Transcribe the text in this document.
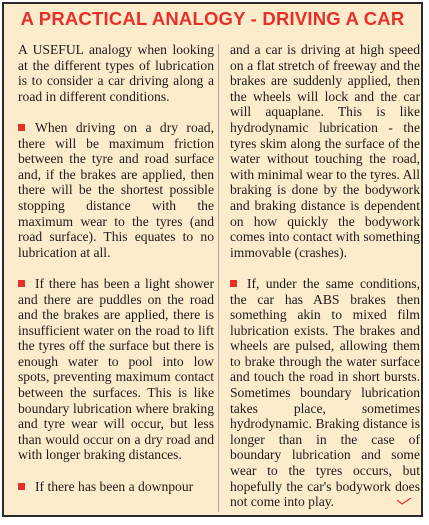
A PRACTICAL ANALOGY - DRIVING A CAR

A USEFUL analogy when looking at the different types of lubrication is to consider a car driving along a road in different conditions.

When driving on a dry road, there will be maximum friction between the tyre and road surface and, if the brakes are applied, then there will be the shortest possible stopping distance with the maximum wear to the tyres (and road surface). This equates to no lubrication at all.

If there has been a light shower and there are puddles on the road and the brakes are applied, there is insufficient water on the road to lift the tyres off the surface but there is enough water to pool into low spots, preventing maximum contact between the surfaces. This is like boundary lubrication where braking and tyre wear will occur, but less than would occur on a dry road and with longer braking distances.

If there has been a downpour

and a car is driving at high speed on a flat stretch of freeway and the brakes are suddenly applied, then the wheels will lock and the car will aquaplane. This is like hydrodynamic lubrication - the tyres skim along the surface of the water without touching the road, with minimal wear to the tyres. All braking is done by the bodywork and braking distance is dependent on how quickly the bodywork comes into contact with something immovable (crashes).

If, under the same conditions, the car has ABS brakes then something akin to mixed film lubrication exists. The brakes and wheels are pulsed, allowing them to brake through the water surface and touch the road in short bursts. Sometimes boundary lubrication takes place, sometimes hydrodynamic. Braking distance is longer than in the case of boundary lubrication and some wear to the tyres occurs, but hopefully the car's bodywork does not come into play.
